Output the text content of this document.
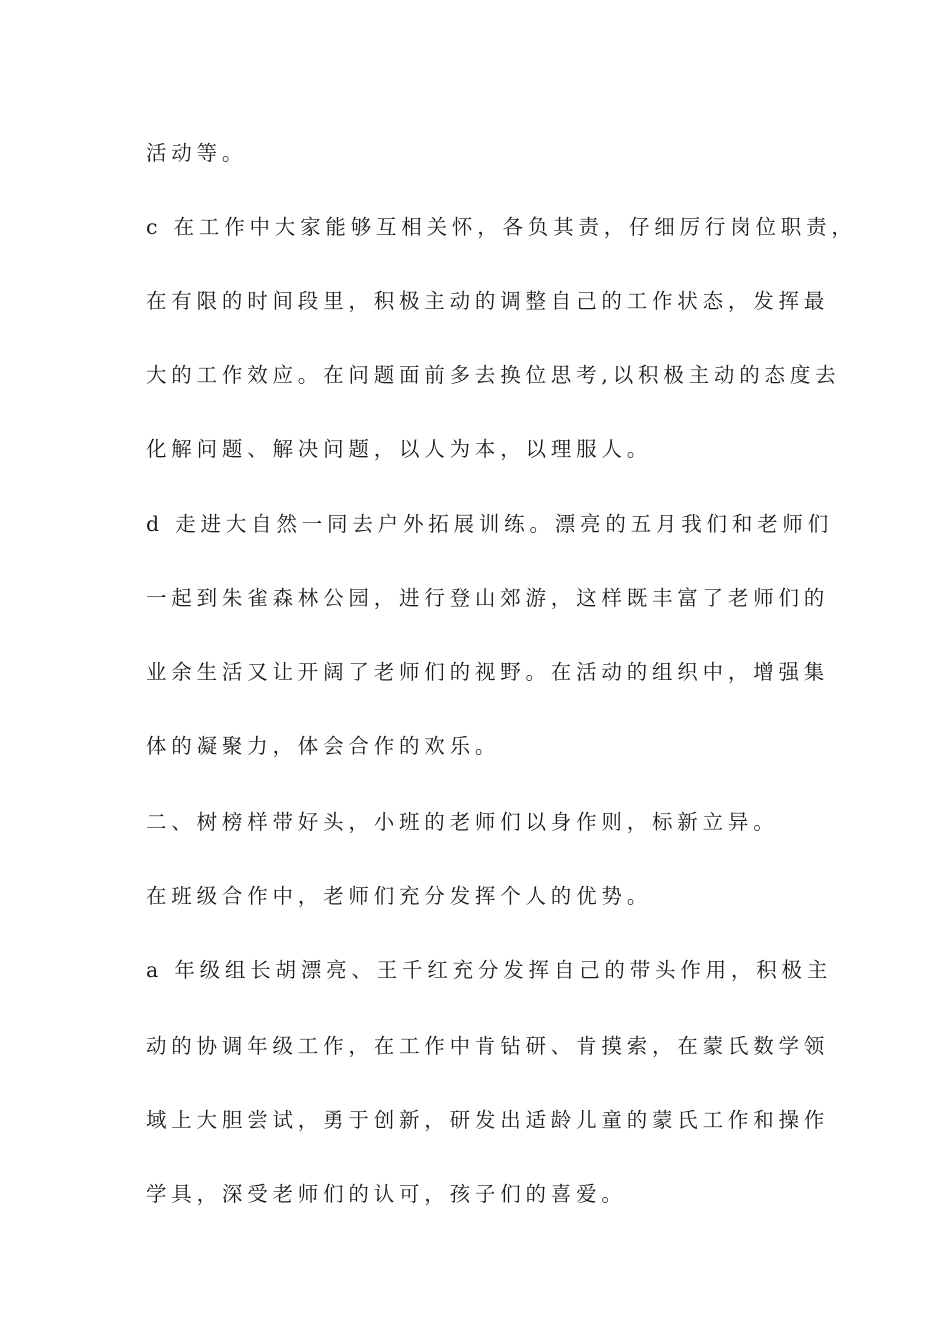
活动等。
c 在工作中大家能够互相关怀，各负其责，仔细厉行岗位职责，
在有限的时间段里，积极主动的调整自己的工作状态，发挥最
大的工作效应。在问题面前多去换位思考,以积极主动的态度去
化解问题、解决问题，以人为本，以理服人。
d 走进大自然一同去户外拓展训练。漂亮的五月我们和老师们
一起到朱雀森林公园，进行登山郊游，这样既丰富了老师们的
业余生活又让开阔了老师们的视野。在活动的组织中，增强集
体的凝聚力，体会合作的欢乐。
二、树榜样带好头，小班的老师们以身作则，标新立异。
在班级合作中，老师们充分发挥个人的优势。
a 年级组长胡漂亮、王千红充分发挥自己的带头作用，积极主
动的协调年级工作，在工作中肯钻研、肯摸索，在蒙氏数学领
域上大胆尝试，勇于创新，研发出适龄儿童的蒙氏工作和操作
学具，深受老师们的认可，孩子们的喜爱。
